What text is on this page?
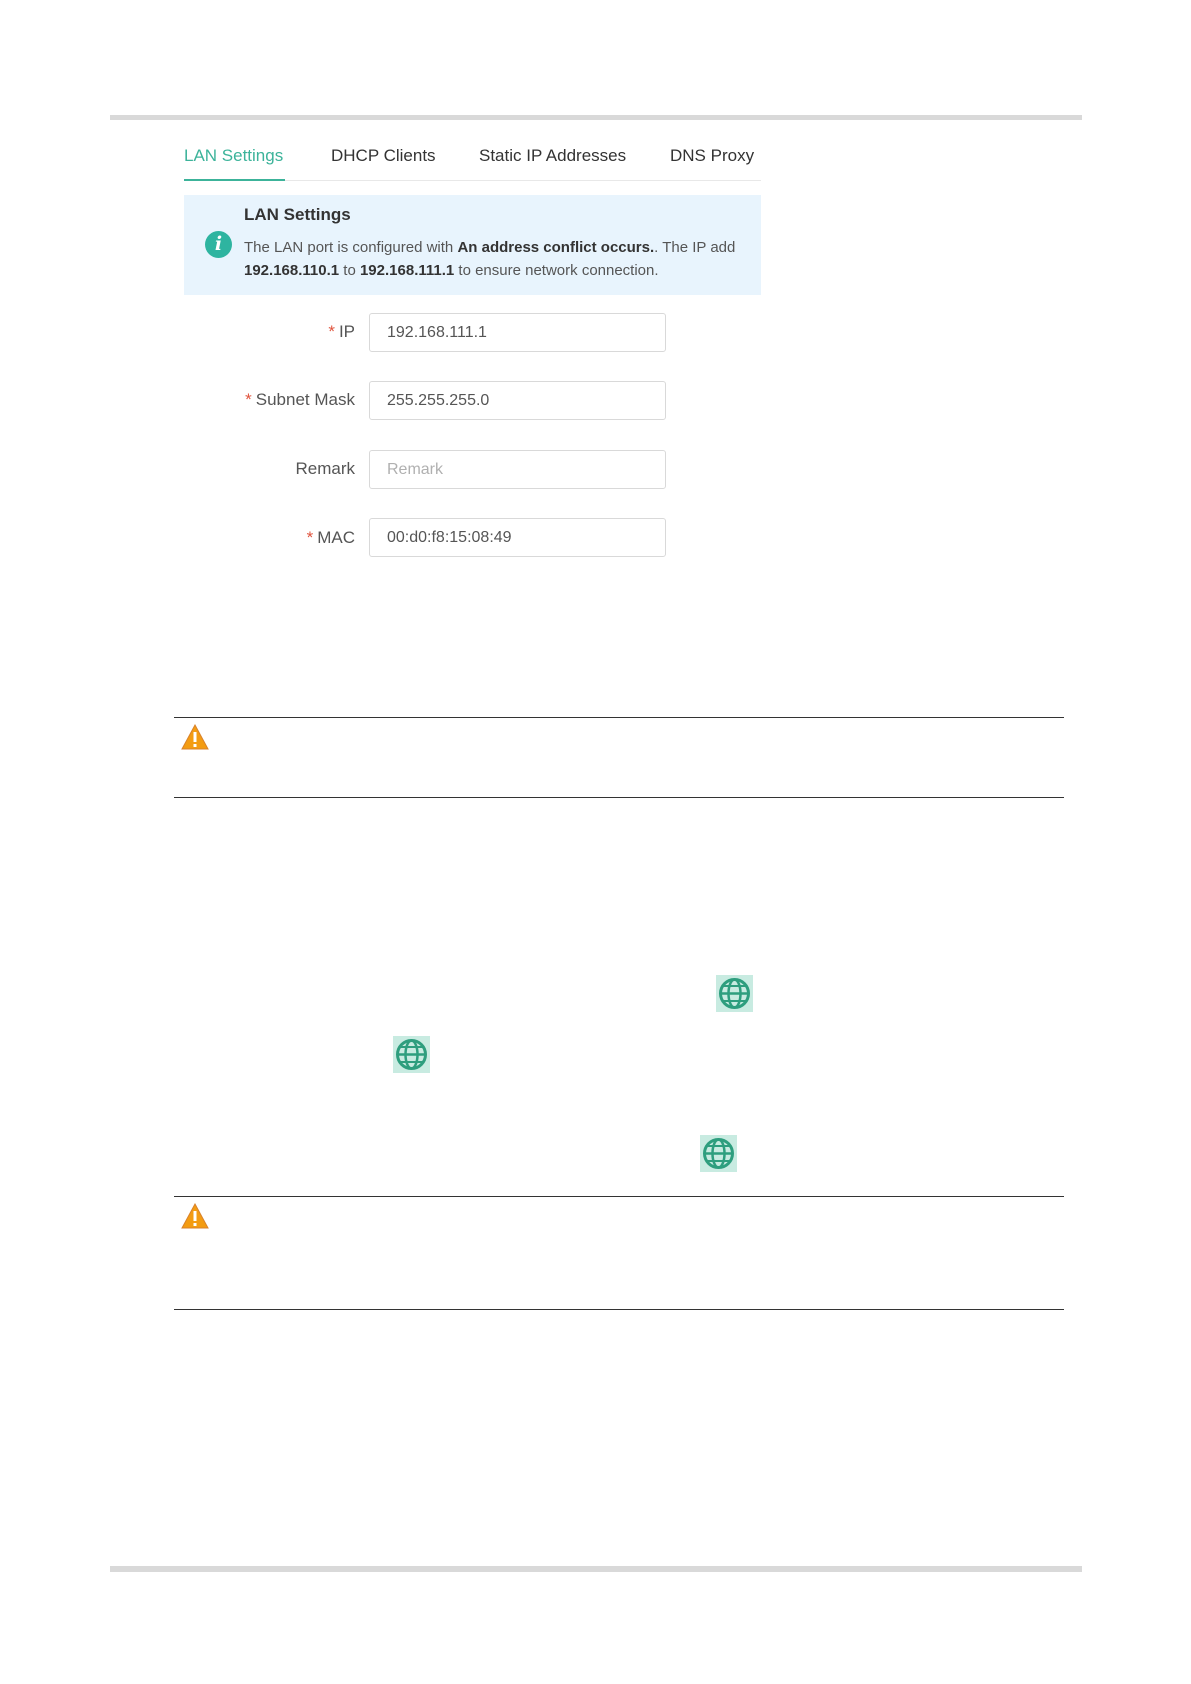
LAN Settings	DHCP Clients	Static IP Addresses	DNS Proxy
i
LAN Settings
The LAN port is configured with An address conflict occurs.. The IP add
192.168.110.1 to 192.168.111.1 to ensure network connection.
* IP
192.168.111.1
* Subnet Mask
255.255.255.0
Remark
Remark
* MAC
00:d0:f8:15:08:49
